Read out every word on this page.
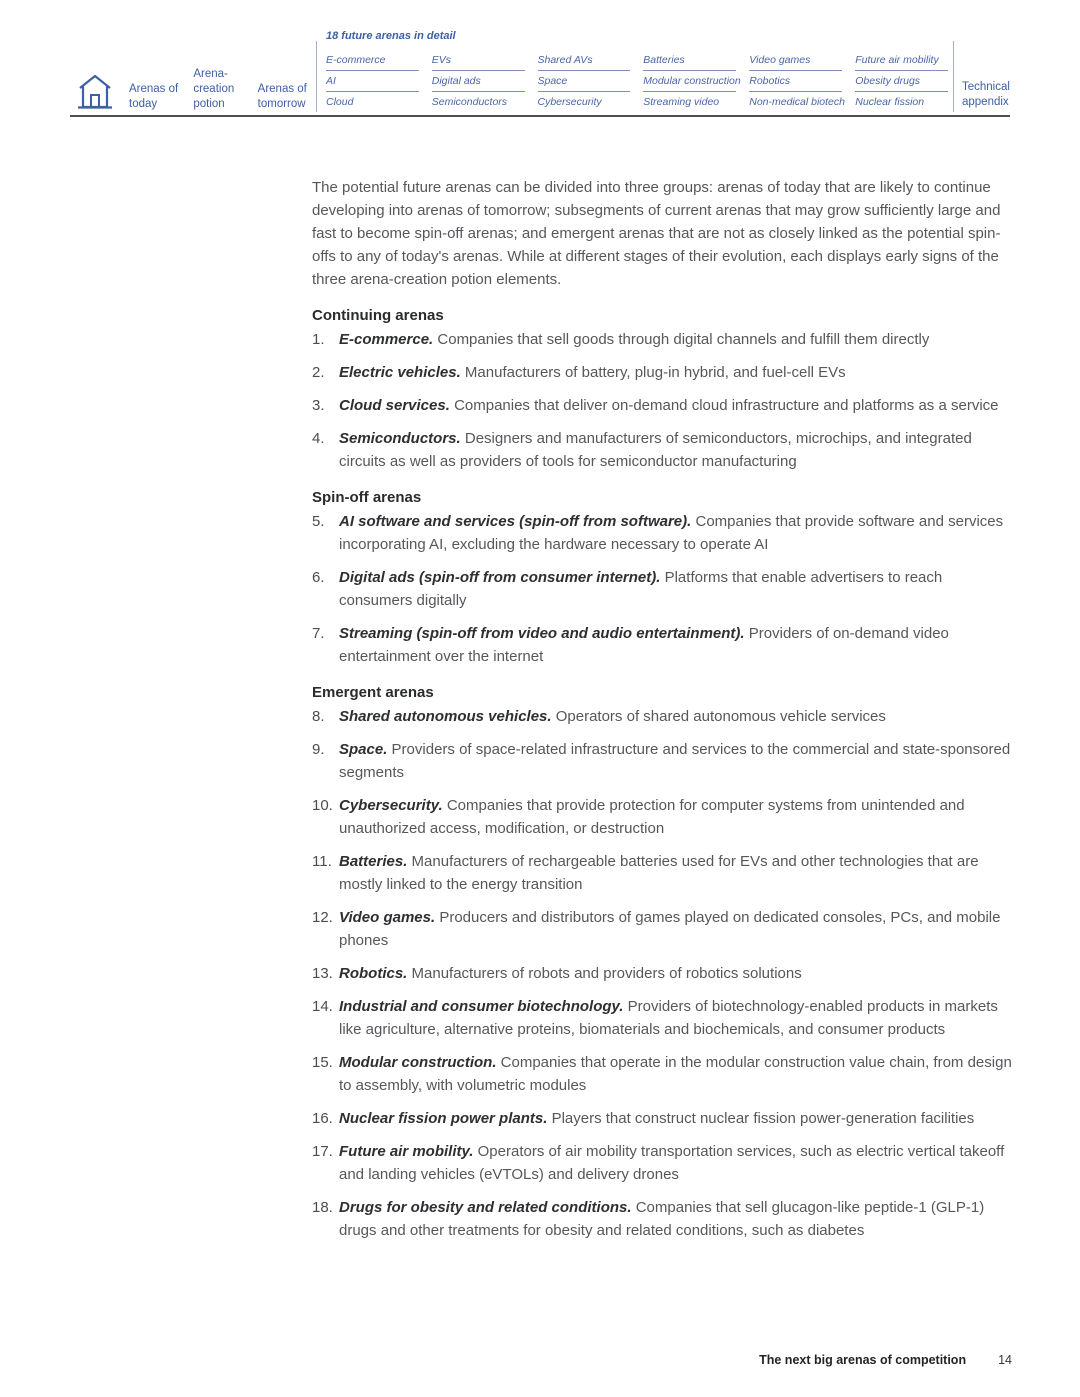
Arenas of today
Arena-creation potion
Arenas of tomorrow
18 future arenas in detail
E-commerce
AI
Cloud
EVs
Digital ads
Semiconductors
Shared AVs
Space
Cybersecurity
Batteries
Modular construction
Streaming video
Video games
Robotics
Non-medical biotech
Future air mobility
Obesity drugs
Nuclear fission
Technical appendix

The potential future arenas can be divided into three groups: arenas of today that are likely to continue developing into arenas of tomorrow; subsegments of current arenas that may grow sufficiently large and fast to become spin-off arenas; and emergent arenas that are not as closely linked as the potential spin-offs to any of today's arenas. While at different stages of their evolution, each displays early signs of the three arena-creation potion elements.

Continuing arenas
1. E-commerce. Companies that sell goods through digital channels and fulfill them directly
2. Electric vehicles. Manufacturers of battery, plug-in hybrid, and fuel-cell EVs
3. Cloud services. Companies that deliver on-demand cloud infrastructure and platforms as a service
4. Semiconductors. Designers and manufacturers of semiconductors, microchips, and integrated circuits as well as providers of tools for semiconductor manufacturing
Spin-off arenas
5. AI software and services (spin-off from software). Companies that provide software and services incorporating AI, excluding the hardware necessary to operate AI
6. Digital ads (spin-off from consumer internet). Platforms that enable advertisers to reach consumers digitally
7. Streaming (spin-off from video and audio entertainment). Providers of on-demand video entertainment over the internet
Emergent arenas
8. Shared autonomous vehicles. Operators of shared autonomous vehicle services
9. Space. Providers of space-related infrastructure and services to the commercial and state-sponsored segments
10. Cybersecurity. Companies that provide protection for computer systems from unintended and unauthorized access, modification, or destruction
11. Batteries. Manufacturers of rechargeable batteries used for EVs and other technologies that are mostly linked to the energy transition
12. Video games. Producers and distributors of games played on dedicated consoles, PCs, and mobile phones
13. Robotics. Manufacturers of robots and providers of robotics solutions
14. Industrial and consumer biotechnology. Providers of biotechnology-enabled products in markets like agriculture, alternative proteins, biomaterials and biochemicals, and consumer products
15. Modular construction. Companies that operate in the modular construction value chain, from design to assembly, with volumetric modules
16. Nuclear fission power plants. Players that construct nuclear fission power-generation facilities
17. Future air mobility. Operators of air mobility transportation services, such as electric vertical takeoff and landing vehicles (eVTOLs) and delivery drones
18. Drugs for obesity and related conditions. Companies that sell glucagon-like peptide-1 (GLP-1) drugs and other treatments for obesity and related conditions, such as diabetes
The next big arenas of competition	14
